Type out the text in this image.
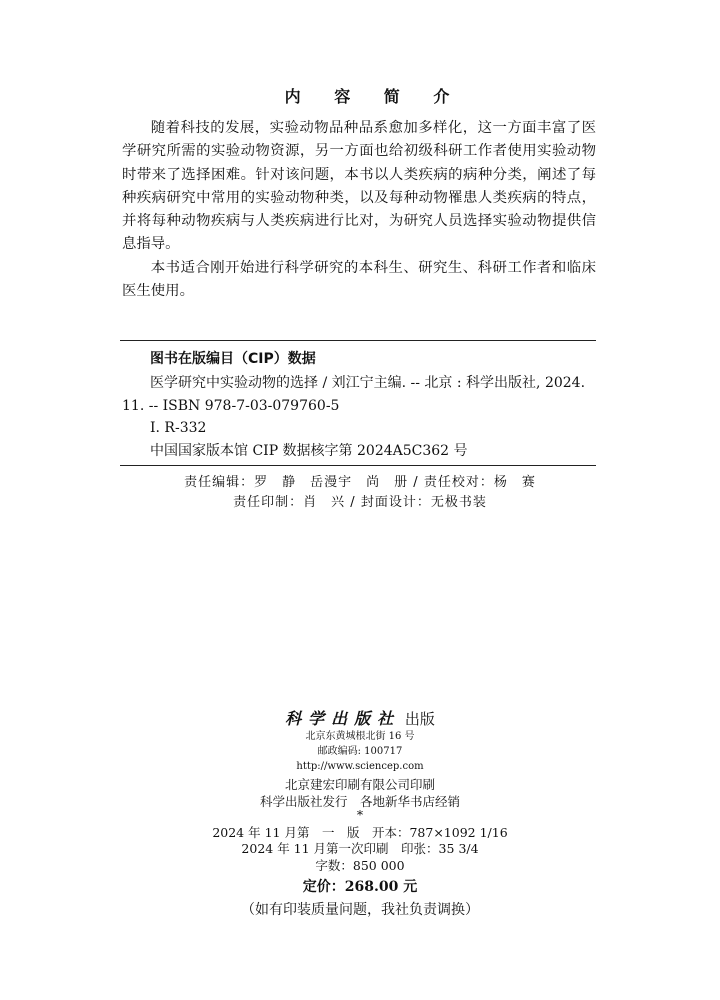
内 容 简 介

随着科技的发展，实验动物品种品系愈加多样化，这一方面丰富了医学研究所需的实验动物资源，另一方面也给初级科研工作者使用实验动物时带来了选择困难。针对该问题，本书以人类疾病的病种分类，阐述了每种疾病研究中常用的实验动物种类，以及每种动物罹患人类疾病的特点，并将每种动物疾病与人类疾病进行比对，为研究人员选择实验动物提供信息指导。

本书适合刚开始进行科学研究的本科生、研究生、科研工作者和临床医生使用。

图书在版编目（CIP）数据
医学研究中实验动物的选择 / 刘江宁主编. -- 北京 : 科学出版社, 2024. 11. -- ISBN 978-7-03-079760-5
Ⅰ. R-332
中国国家版本馆 CIP 数据核字第 2024A5C362 号
责任编辑：罗　静　岳漫宇　尚　册 / 责任校对：杨　赛
责任印制：肖　兴 / 封面设计：无极书装
科学出版社 出版
北京东黄城根北街 16 号
邮政编码: 100717
http://www.sciencep.com
北京建宏印刷有限公司印刷
科学出版社发行　各地新华书店经销
*
2024 年 11 月第　一　版　开本：787×1092 1/16
2024 年 11 月第一次印刷　印张：35 3/4
字数：850 000
定价：268.00 元
（如有印装质量问题，我社负责调换）
